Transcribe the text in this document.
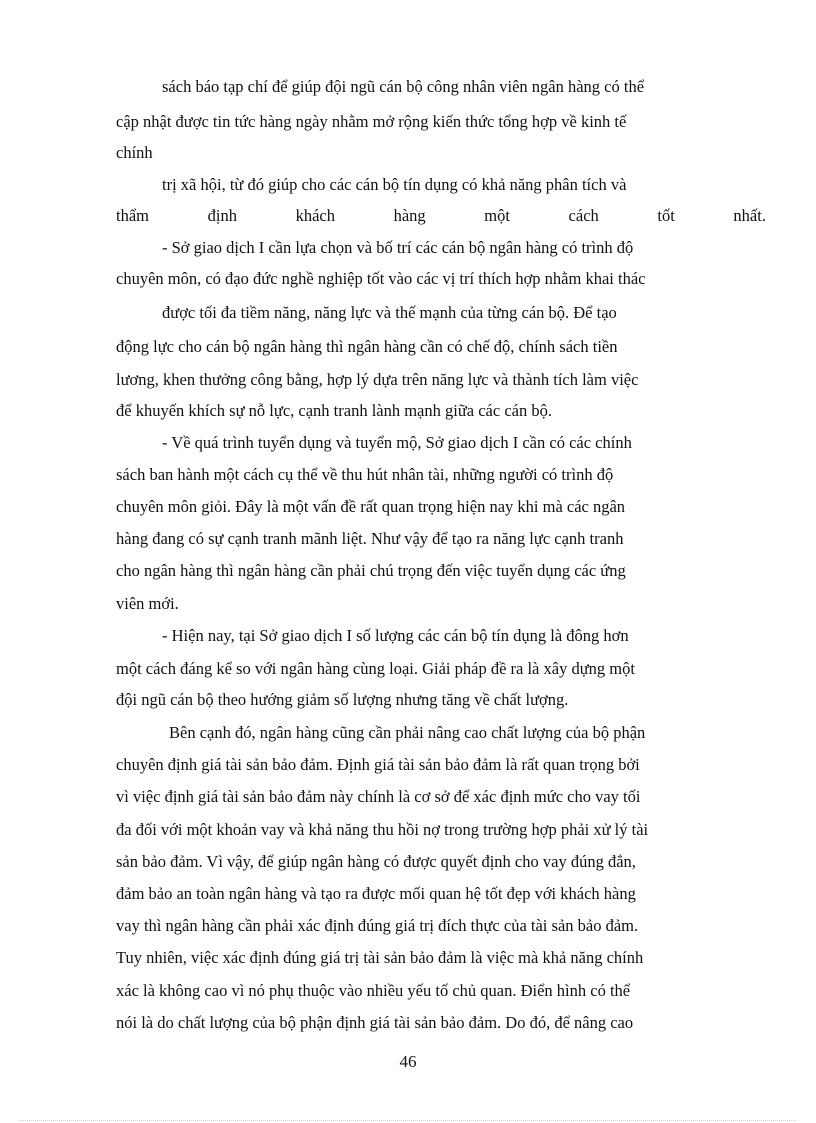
sách báo tạp chí để giúp đội ngũ cán bộ công nhân viên ngân hàng có thể
cập nhật được tin tức hàng ngày nhằm mở rộng kiến thức tổng hợp về kinh tế
chính
trị xã hội, từ đó giúp cho các cán bộ tín dụng có khả năng phân tích và
thẩm	định	khách	hàng	một	cách	tốt	nhất.
- Sở giao dịch I cần lựa chọn và bố trí các cán bộ ngân hàng có trình độ
chuyên môn, có đạo đức nghề nghiệp tốt vào các vị trí thích hợp nhằm khai thác
được tối đa tiềm năng, năng lực và thế mạnh của từng cán bộ. Để tạo
động lực cho cán bộ ngân hàng thì ngân hàng cần có chế độ, chính sách tiền
lương, khen thưởng công bằng, hợp lý dựa trên năng lực và thành tích làm việc
để khuyến khích sự nỗ lực, cạnh tranh lành mạnh giữa các cán bộ.
- Về quá trình tuyển dụng và tuyển mộ, Sở giao dịch I cần có các chính
sách ban hành một cách cụ thể về thu hút nhân tài, những người có trình độ
chuyên môn giỏi. Đây là một vấn đề rất quan trọng hiện nay khi mà các ngân
hàng đang có sự cạnh tranh mãnh liệt. Như vậy để tạo ra năng lực cạnh tranh
cho ngân hàng thì ngân hàng cần phải chú trọng đến việc tuyển dụng các ứng
viên mới.
- Hiện nay, tại Sở giao dịch I số lượng các cán bộ tín dụng là đông hơn
một cách đáng kể so với ngân hàng cùng loại. Giải pháp đề ra là xây dựng một
đội ngũ cán bộ theo hướng giảm số lượng nhưng tăng về chất lượng.
Bên cạnh đó, ngân hàng cũng cần phải nâng cao chất lượng của bộ phận
chuyên định giá tài sản bảo đảm. Định giá tài sản bảo đảm là rất quan trọng bởi
vì việc định giá tài sản bảo đảm này chính là cơ sở để xác định mức cho vay tối
đa đối với một khoản vay và khả năng thu hồi nợ trong trường hợp phải xử lý tài
sản bảo đảm. Vì vậy, để giúp ngân hàng có được quyết định cho vay đúng đắn,
đảm bảo an toàn ngân hàng và tạo ra được mối quan hệ tốt đẹp với khách hàng
vay thì ngân hàng cần phải xác định đúng giá trị đích thực của tài sản bảo đảm.
Tuy nhiên, việc xác định đúng giá trị tài sản bảo đảm là việc mà khả năng chính
xác là không cao vì nó phụ thuộc vào nhiều yếu tố chủ quan. Điển hình có thể
nói là do chất lượng của bộ phận định giá tài sản bảo đảm. Do đó, để nâng cao
46
